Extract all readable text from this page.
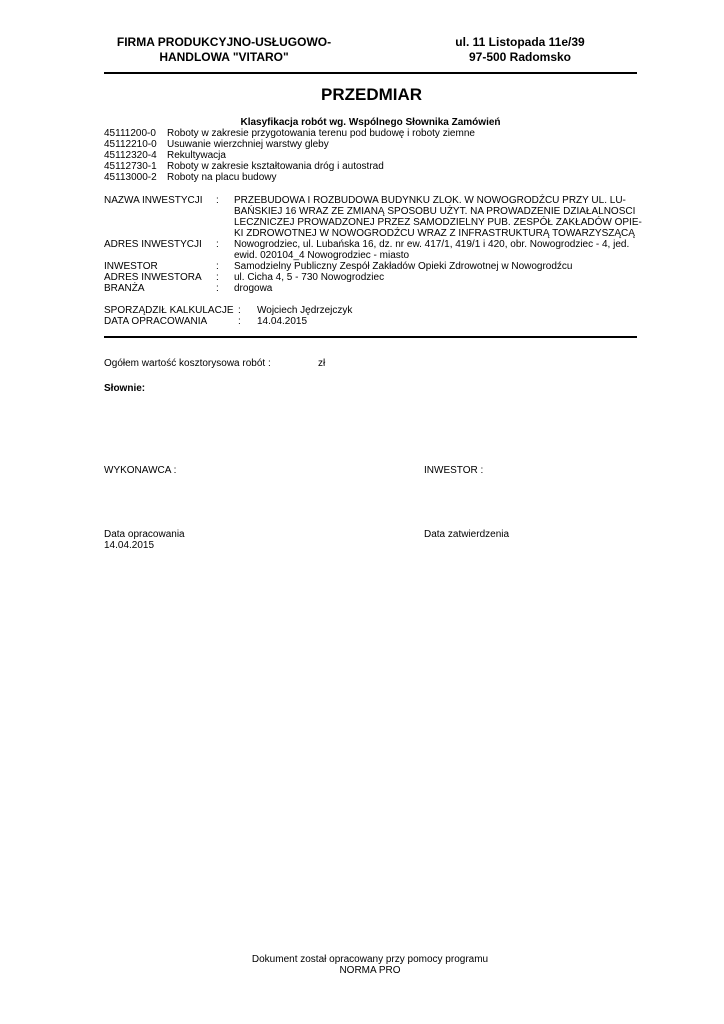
FIRMA PRODUKCYJNO-USŁUGOWO-
HANDLOWA "VITARO"
ul. 11 Listopada 11e/39
97-500 Radomsko
PRZEDMIAR
Klasyfikacja robót wg. Wspólnego Słownika Zamówień
45111200-0	Roboty w zakresie przygotowania terenu pod budowę i roboty ziemne
45112210-0	Usuwanie wierzchniej warstwy gleby
45112320-4	Rekultywacja
45112730-1	Roboty w zakresie kształtowania dróg i autostrad
45113000-2	Roboty na placu budowy
NAZWA INWESTYCJI	:	PRZEBUDOWA I ROZBUDOWA BUDYNKU ZLOK. W NOWOGRODŹCU PRZY UL. LU-
BAŃSKIEJ 16 WRAZ ZE ZMIANĄ SPOSOBU UŻYT. NA PROWADZENIE DZIAŁALNOSCI
LECZNICZEJ PROWADZONEJ PRZEZ SAMODZIELNY PUB. ZESPÓŁ ZAKŁADÓW OPIE-
KI ZDROWOTNEJ W NOWOGRODŹCU WRAZ Z INFRASTRUKTURĄ TOWARZYSZĄCĄ
ADRES INWESTYCJI	:	Nowogrodziec, ul. Lubańska 16, dz. nr ew. 417/1, 419/1 i 420, obr. Nowogrodziec - 4, jed.
ewid. 020104_4 Nowogrodziec - miasto
INWESTOR	:	Samodzielny Publiczny Zespół Zakładów Opieki Zdrowotnej w Nowogrodźcu
ADRES INWESTORA	:	ul. Cicha 4, 5 - 730 Nowogrodziec
BRANŻA	:	drogowa
SPORZĄDZIŁ KALKULACJE :	Wojciech Jędrzejczyk
DATA OPRACOWANIA	:	14.04.2015
Ogółem wartość kosztorysowa robót :	zł
Słownie:
WYKONAWCA :	INWESTOR :
Data opracowania
14.04.2015
Data zatwierdzenia
Dokument został opracowany przy pomocy programu
NORMA PRO
